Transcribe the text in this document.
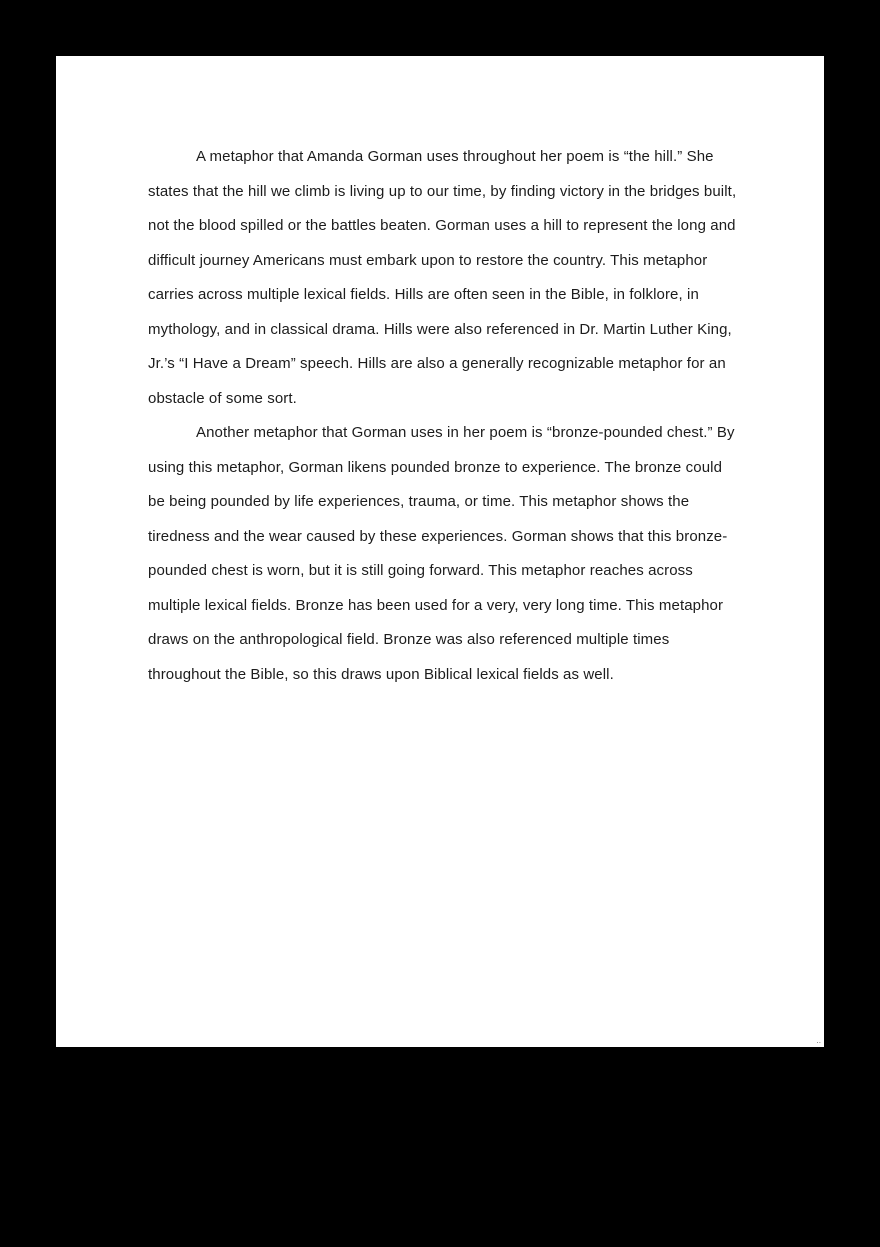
A metaphor that Amanda Gorman uses throughout her poem is “the hill.” She
states that the hill we climb is living up to our time, by finding victory in the bridges built,
not the blood spilled or the battles beaten. Gorman uses a hill to represent the long and
difficult journey Americans must embark upon to restore the country. This metaphor
carries across multiple lexical fields. Hills are often seen in the Bible, in folklore, in
mythology, and in classical drama. Hills were also referenced in Dr. Martin Luther King,
Jr.’s “I Have a Dream” speech. Hills are also a generally recognizable metaphor for an
obstacle of some sort.
Another metaphor that Gorman uses in her poem is “bronze-pounded chest.” By
using this metaphor, Gorman likens pounded bronze to experience. The bronze could
be being pounded by life experiences, trauma, or time. This metaphor shows the
tiredness and the wear caused by these experiences. Gorman shows that this bronze-
pounded chest is worn, but it is still going forward. This metaphor reaches across
multiple lexical fields. Bronze has been used for a very, very long time. This metaphor
draws on the anthropological field. Bronze was also referenced multiple times
throughout the Bible, so this draws upon Biblical lexical fields as well.
‥
